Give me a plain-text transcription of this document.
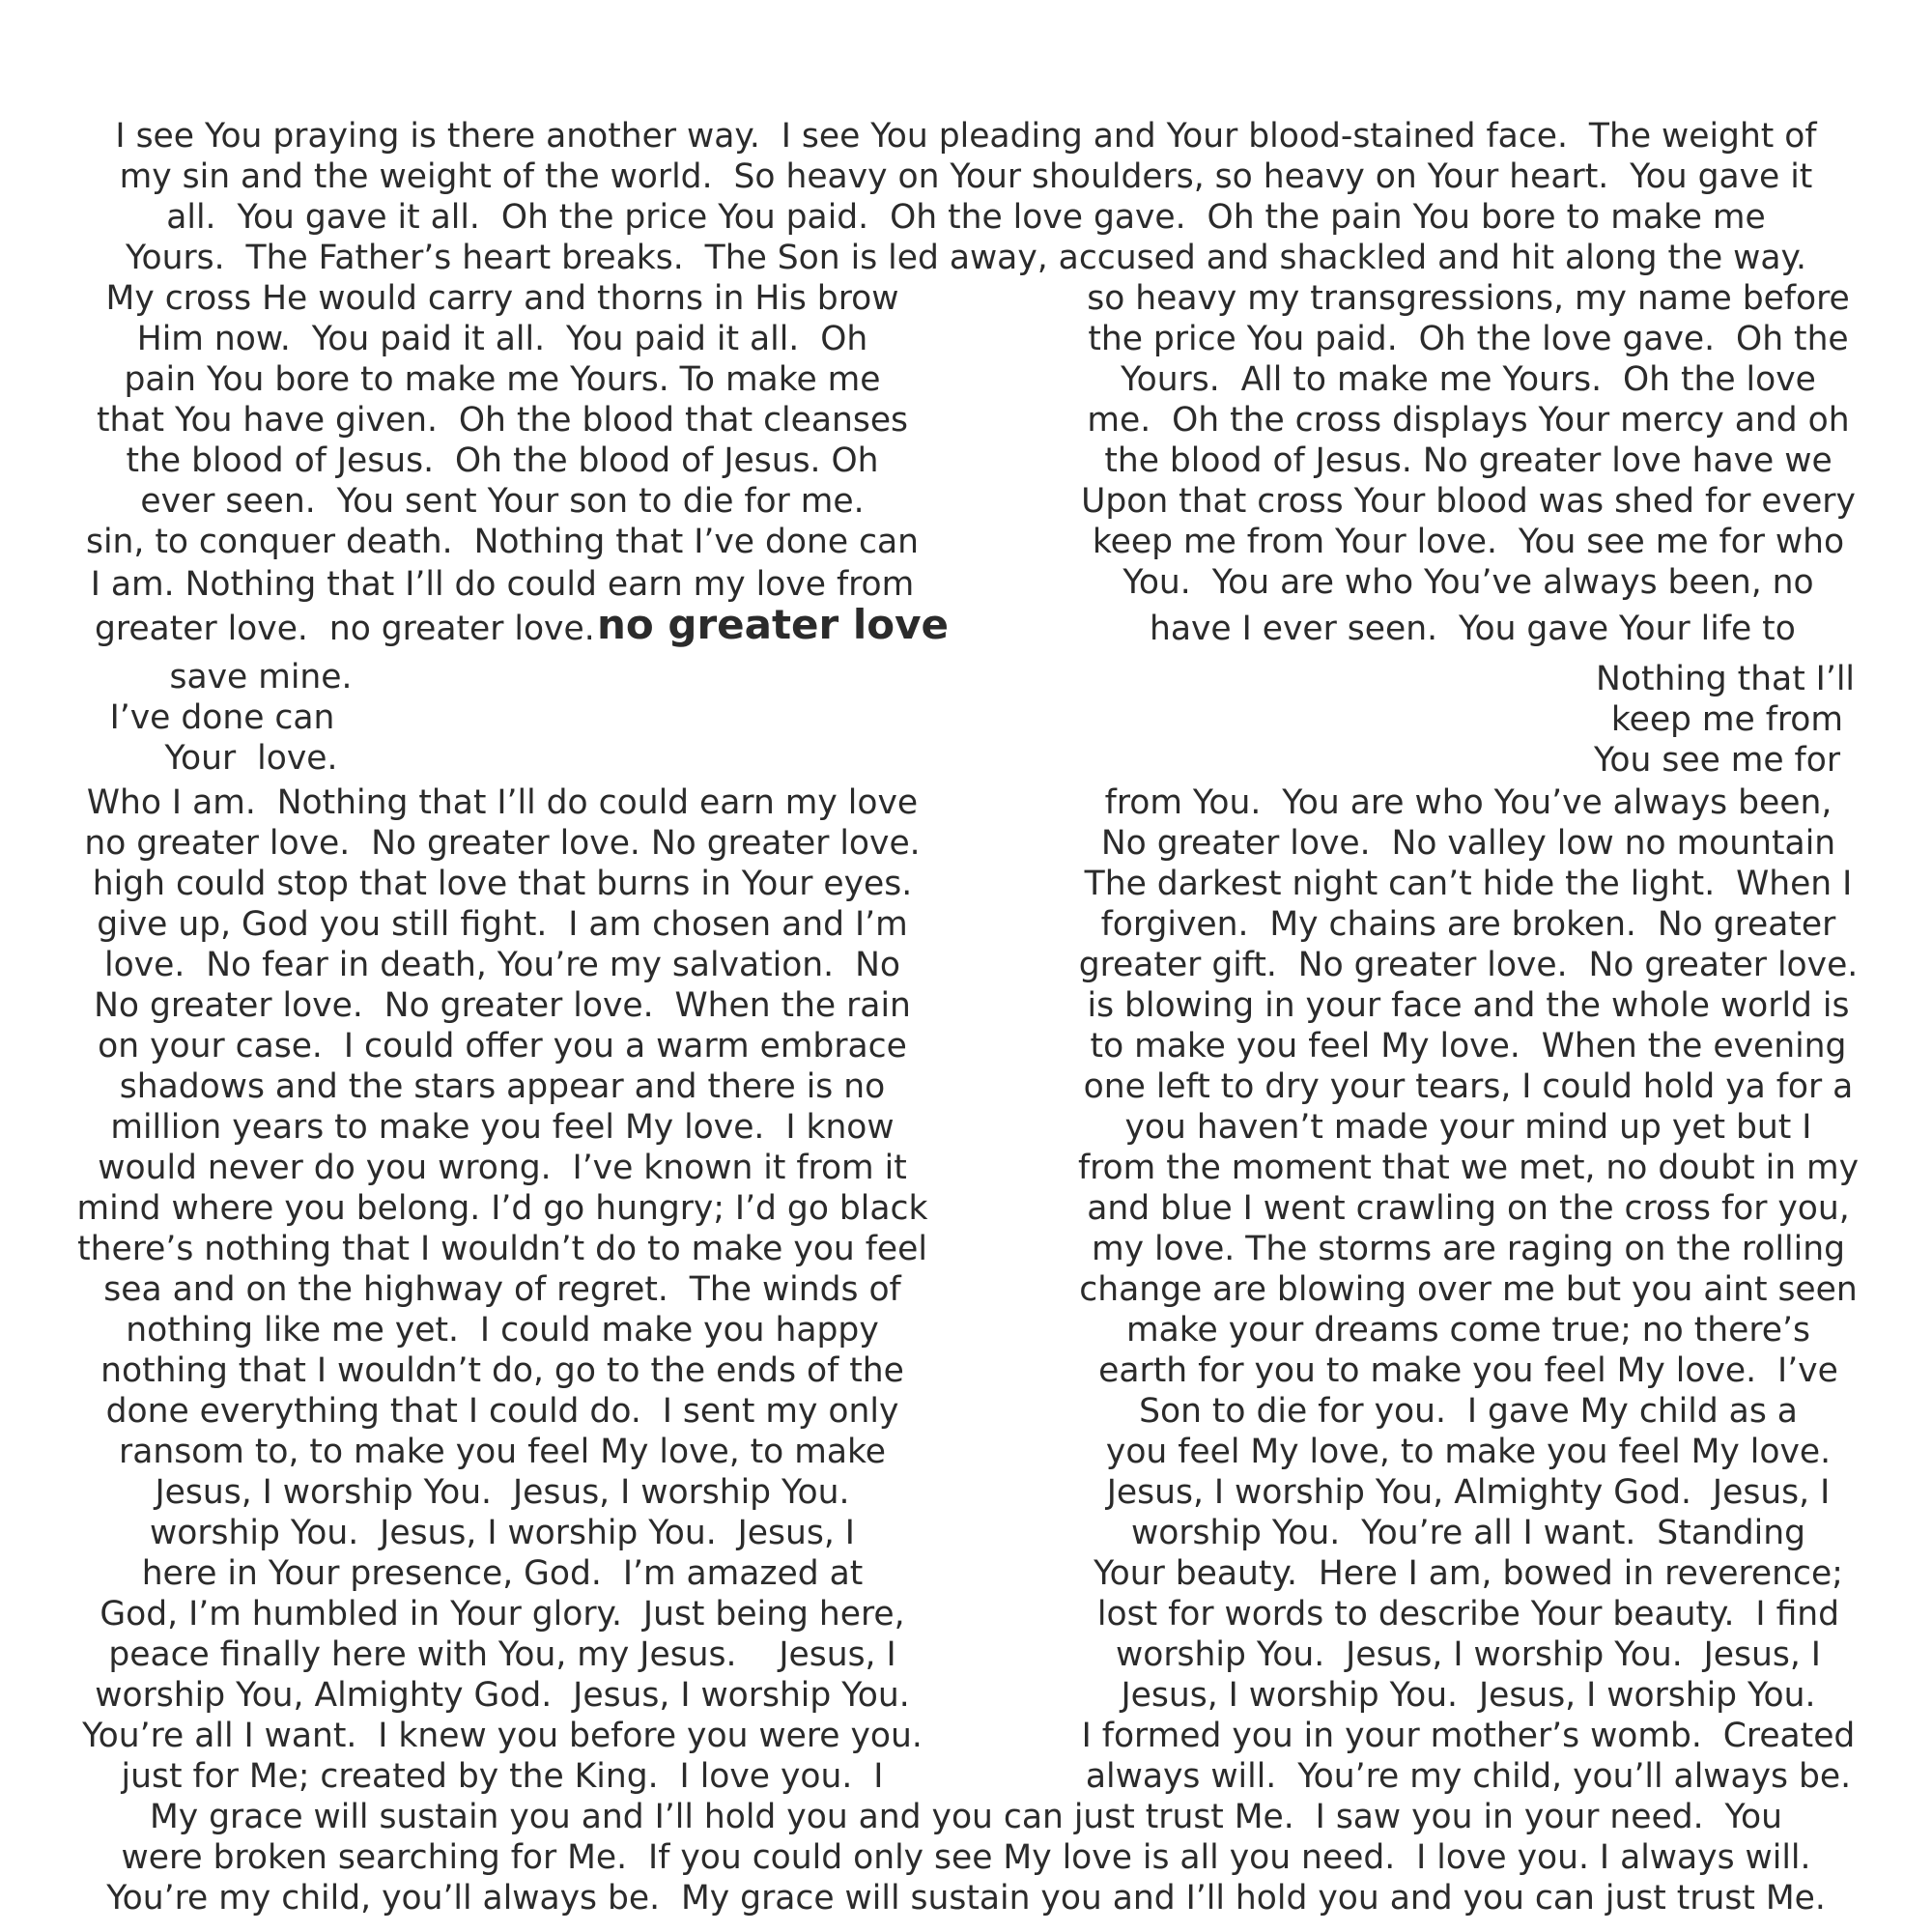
I see You praying is there another way.  I see You pleading and Your blood-stained face.  The weight of
my sin and the weight of the world.  So heavy on Your shoulders, so heavy on Your heart.  You gave it
all.  You gave it all.  Oh the price You paid.  Oh the love gave.  Oh the pain You bore to make me
Yours.  The Father’s heart breaks.  The Son is led away, accused and shackled and hit along the way.
My cross He would carry and thorns in His brow
Him now.  You paid it all.  You paid it all.  Oh
pain You bore to make me Yours. To make me
that You have given.  Oh the blood that cleanses
the blood of Jesus.  Oh the blood of Jesus. Oh
ever seen.  You sent Your son to die for me.
sin, to conquer death.  Nothing that I’ve done can
I am. Nothing that I’ll do could earn my love from
greater love.  no greater love. no greater love
so heavy my transgressions, my name before
the price You paid.  Oh the love gave.  Oh the
Yours.  All to make me Yours.  Oh the love
me.  Oh the cross displays Your mercy and oh
the blood of Jesus. No greater love have we
Upon that cross Your blood was shed for every
keep me from Your love.  You see me for who
You.  You are who You’ve always been, no
have I ever seen.  You gave Your life to
save mine.
I’ve done can
Your  love.
Nothing that I’ll
keep me from
You see me for
Who I am.  Nothing that I’ll do could earn my love
no greater love.  No greater love. No greater love.
high could stop that love that burns in Your eyes.
give up, God you still fight.  I am chosen and I’m
love.  No fear in death, You’re my salvation.  No
No greater love.  No greater love.  When the rain
on your case.  I could offer you a warm embrace
shadows and the stars appear and there is no
million years to make you feel My love.  I know
would never do you wrong.  I’ve known it from it
mind where you belong. I’d go hungry; I’d go black
there’s nothing that I wouldn’t do to make you feel
sea and on the highway of regret.  The winds of
nothing like me yet.  I could make you happy
nothing that I wouldn’t do, go to the ends of the
done everything that I could do.  I sent my only
ransom to, to make you feel My love, to make
Jesus, I worship You.  Jesus, I worship You.
worship You.  Jesus, I worship You.  Jesus, I
here in Your presence, God.  I’m amazed at
God, I’m humbled in Your glory.  Just being here,
peace finally here with You, my Jesus.    Jesus, I
worship You, Almighty God.  Jesus, I worship You.
You’re all I want.  I knew you before you were you.
just for Me; created by the King.  I love you.  I
from You.  You are who You’ve always been,
No greater love.  No valley low no mountain
The darkest night can’t hide the light.  When I
forgiven.  My chains are broken.  No greater
greater gift.  No greater love.  No greater love.
is blowing in your face and the whole world is
to make you feel My love.  When the evening
one left to dry your tears, I could hold ya for a
you haven’t made your mind up yet but I
from the moment that we met, no doubt in my
and blue I went crawling on the cross for you,
my love. The storms are raging on the rolling
change are blowing over me but you aint seen
make your dreams come true; no there’s
earth for you to make you feel My love.  I’ve
Son to die for you.  I gave My child as a
you feel My love, to make you feel My love.
Jesus, I worship You, Almighty God.  Jesus, I
worship You.  You’re all I want.  Standing
Your beauty.  Here I am, bowed in reverence;
lost for words to describe Your beauty.  I find
worship You.  Jesus, I worship You.  Jesus, I
Jesus, I worship You.  Jesus, I worship You.
I formed you in your mother’s womb.  Created
always will.  You’re my child, you’ll always be.
My grace will sustain you and I’ll hold you and you can just trust Me.  I saw you in your need.  You
were broken searching for Me.  If you could only see My love is all you need.  I love you. I always will.
You’re my child, you’ll always be.  My grace will sustain you and I’ll hold you and you can just trust Me.
